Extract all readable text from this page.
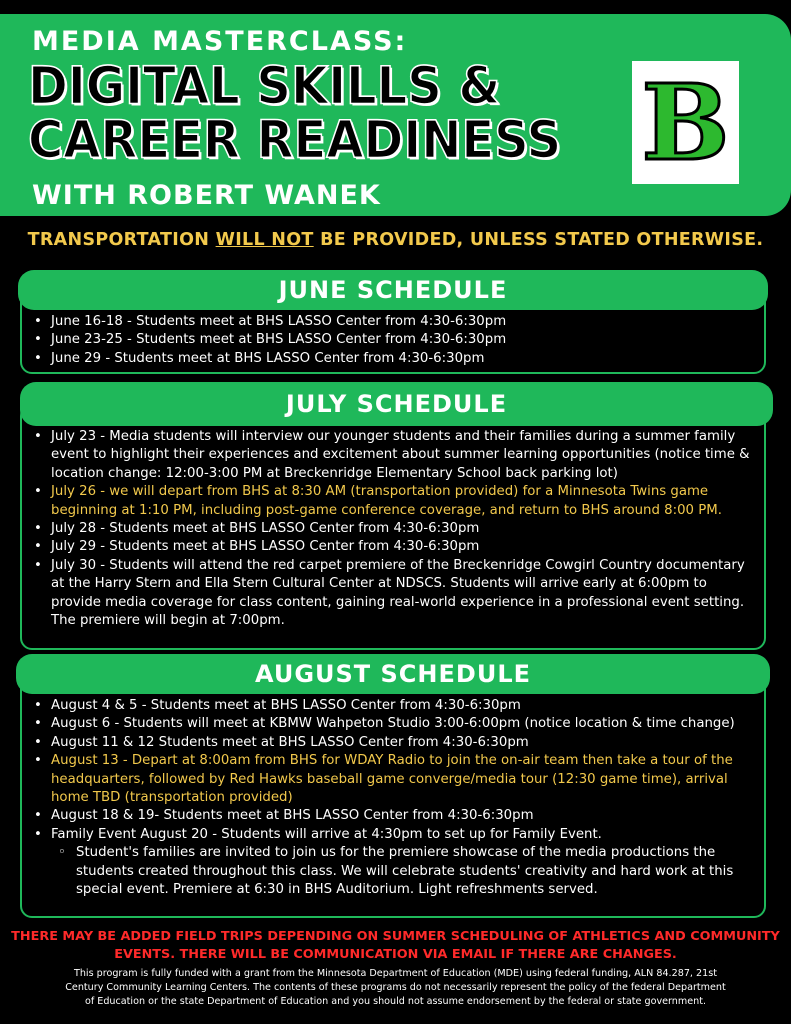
MEDIA MASTERCLASS:
DIGITAL SKILLS &
CAREER READINESS
WITH ROBERT WANEK
B
TRANSPORTATION WILL NOT BE PROVIDED, UNLESS STATED OTHERWISE.
JUNE SCHEDULE
• June 16-18 - Students meet at BHS LASSO Center from 4:30-6:30pm
• June 23-25 - Students meet at BHS LASSO Center from 4:30-6:30pm
• June 29 - Students meet at BHS LASSO Center from 4:30-6:30pm
JULY SCHEDULE
• July 23 - Media students will interview our younger students and their families during a summer family event to highlight their experiences and excitement about summer learning opportunities (notice time & location change: 12:00-3:00 PM at Breckenridge Elementary School back parking lot)
• July 26 - we will depart from BHS at 8:30 AM (transportation provided) for a Minnesota Twins game beginning at 1:10 PM, including post-game conference coverage, and return to BHS around 8:00 PM.
• July 28 - Students meet at BHS LASSO Center from 4:30-6:30pm
• July 29 - Students meet at BHS LASSO Center from 4:30-6:30pm
• July 30 - Students will attend the red carpet premiere of the Breckenridge Cowgirl Country documentary at the Harry Stern and Ella Stern Cultural Center at NDSCS. Students will arrive early at 6:00pm to provide media coverage for class content, gaining real-world experience in a professional event setting. The premiere will begin at 7:00pm.
AUGUST SCHEDULE
• August 4 & 5 - Students meet at BHS LASSO Center from 4:30-6:30pm
• August 6 - Students will meet at KBMW Wahpeton Studio 3:00-6:00pm (notice location & time change)
• August 11 & 12 Students meet at BHS LASSO Center from 4:30-6:30pm
• August 13 - Depart at 8:00am from BHS for WDAY Radio to join the on-air team then take a tour of the headquarters, followed by Red Hawks baseball game converge/media tour (12:30 game time), arrival home TBD (transportation provided)
• August 18 & 19- Students meet at BHS LASSO Center from 4:30-6:30pm
• Family Event August 20 - Students will arrive at 4:30pm to set up for Family Event.
◦ Student's families are invited to join us for the premiere showcase of the media productions the students created throughout this class. We will celebrate students' creativity and hard work at this special event. Premiere at 6:30 in BHS Auditorium. Light refreshments served.
THERE MAY BE ADDED FIELD TRIPS DEPENDING ON SUMMER SCHEDULING OF ATHLETICS AND COMMUNITY
EVENTS. THERE WILL BE COMMUNICATION VIA EMAIL IF THERE ARE CHANGES.
This program is fully funded with a grant from the Minnesota Department of Education (MDE) using federal funding, ALN 84.287, 21st
Century Community Learning Centers. The contents of these programs do not necessarily represent the policy of the federal Department
of Education or the state Department of Education and you should not assume endorsement by the federal or state government.
